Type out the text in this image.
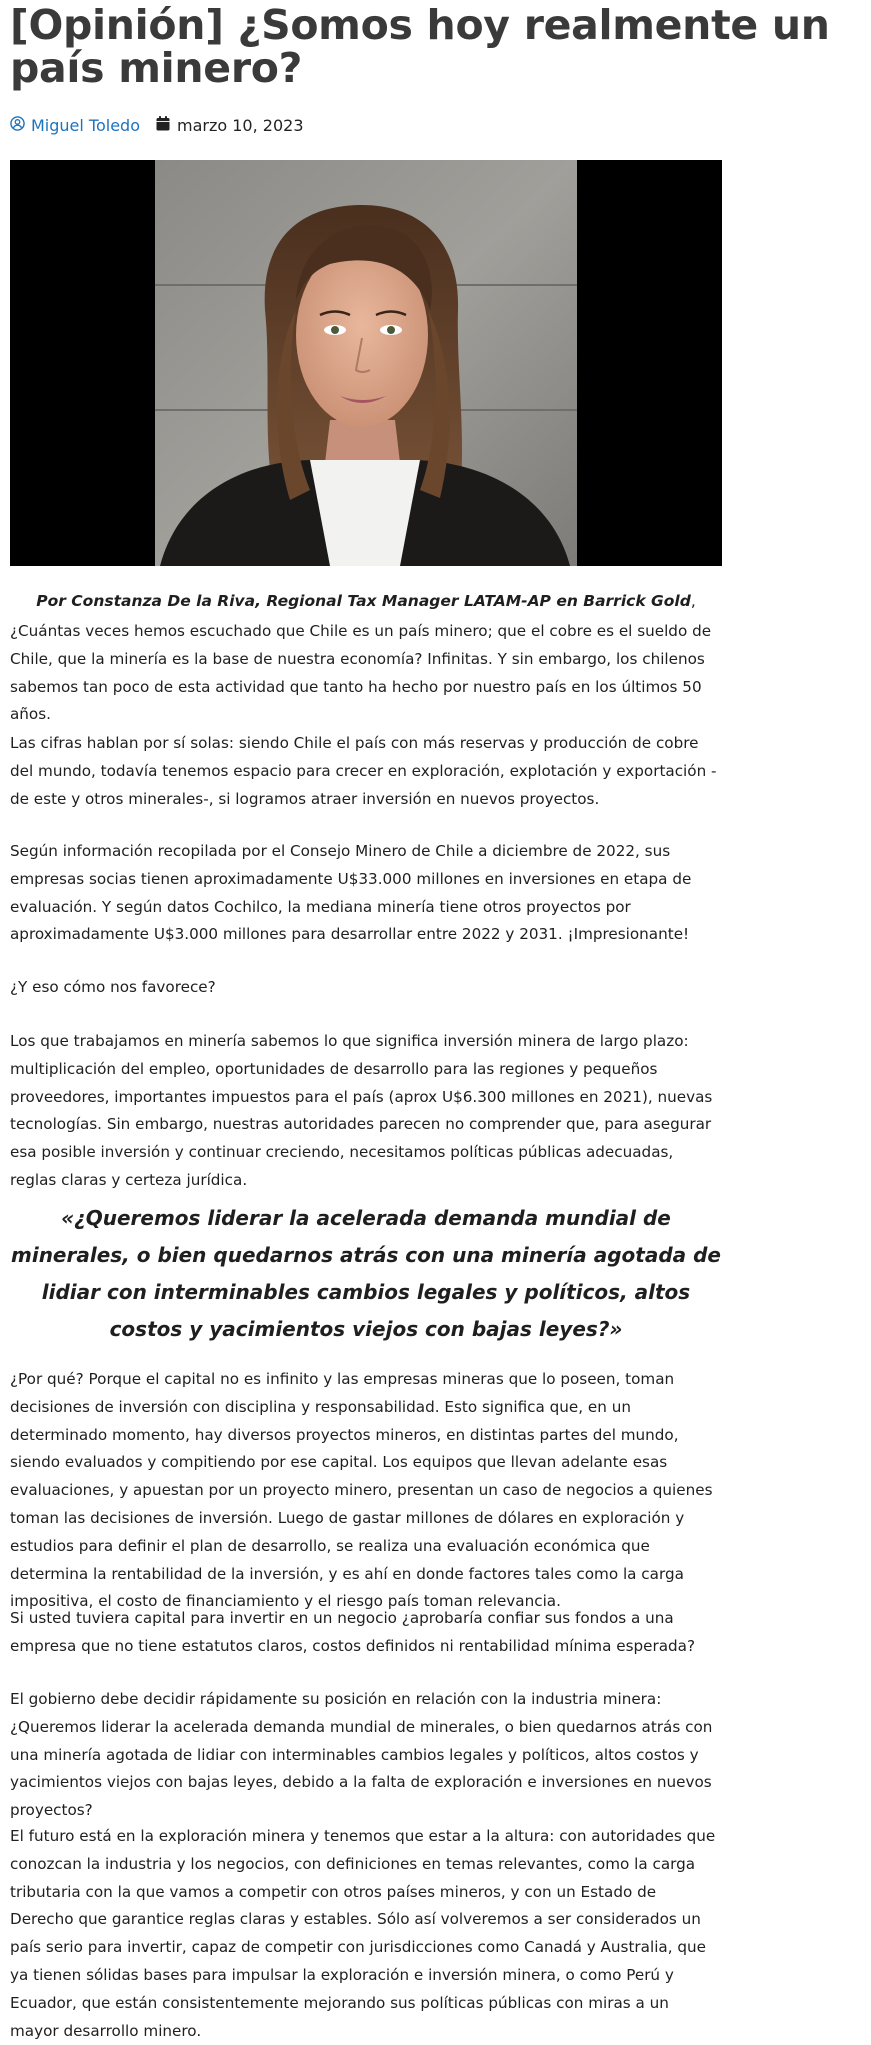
[Opinión] ¿Somos hoy realmente un país minero?
Miguel Toledo marzo 10, 2023
Por Constanza De la Riva, Regional Tax Manager LATAM-AP en Barrick Gold,

¿Cuántas veces hemos escuchado que Chile es un país minero; que el cobre es el sueldo de Chile, que la minería es la base de nuestra economía? Infinitas. Y sin embargo, los chilenos sabemos tan poco de esta actividad que tanto ha hecho por nuestro país en los últimos 50 años.

Las cifras hablan por sí solas: siendo Chile el país con más reservas y producción de cobre del mundo, todavía tenemos espacio para crecer en exploración, explotación y exportación -de este y otros minerales-, si logramos atraer inversión en nuevos proyectos.

Según información recopilada por el Consejo Minero de Chile a diciembre de 2022, sus empresas socias tienen aproximadamente U$33.000 millones en inversiones en etapa de evaluación. Y según datos Cochilco, la mediana minería tiene otros proyectos por aproximadamente U$3.000 millones para desarrollar entre 2022 y 2031. ¡Impresionante!

¿Y eso cómo nos favorece?

Los que trabajamos en minería sabemos lo que significa inversión minera de largo plazo: multiplicación del empleo, oportunidades de desarrollo para las regiones y pequeños proveedores, importantes impuestos para el país (aprox U$6.300 millones en 2021), nuevas tecnologías. Sin embargo, nuestras autoridades parecen no comprender que, para asegurar esa posible inversión y continuar creciendo, necesitamos políticas públicas adecuadas, reglas claras y certeza jurídica.

«¿Queremos liderar la acelerada demanda mundial de minerales, o bien quedarnos atrás con una minería agotada de lidiar con interminables cambios legales y políticos, altos costos y yacimientos viejos con bajas leyes?»

¿Por qué? Porque el capital no es infinito y las empresas mineras que lo poseen, toman decisiones de inversión con disciplina y responsabilidad. Esto significa que, en un determinado momento, hay diversos proyectos mineros, en distintas partes del mundo, siendo evaluados y compitiendo por ese capital. Los equipos que llevan adelante esas evaluaciones, y apuestan por un proyecto minero, presentan un caso de negocios a quienes toman las decisiones de inversión. Luego de gastar millones de dólares en exploración y estudios para definir el plan de desarrollo, se realiza una evaluación económica que determina la rentabilidad de la inversión, y es ahí en donde factores tales como la carga impositiva, el costo de financiamiento y el riesgo país toman relevancia.

Si usted tuviera capital para invertir en un negocio ¿aprobaría confiar sus fondos a una empresa que no tiene estatutos claros, costos definidos ni rentabilidad mínima esperada?

El gobierno debe decidir rápidamente su posición en relación con la industria minera: ¿Queremos liderar la acelerada demanda mundial de minerales, o bien quedarnos atrás con una minería agotada de lidiar con interminables cambios legales y políticos, altos costos y yacimientos viejos con bajas leyes, debido a la falta de exploración e inversiones en nuevos proyectos?

El futuro está en la exploración minera y tenemos que estar a la altura: con autoridades que conozcan la industria y los negocios, con definiciones en temas relevantes, como la carga tributaria con la que vamos a competir con otros países mineros, y con un Estado de Derecho que garantice reglas claras y estables. Sólo así volveremos a ser considerados un país serio para invertir, capaz de competir con jurisdicciones como Canadá y Australia, que ya tienen sólidas bases para impulsar la exploración e inversión minera, o como Perú y Ecuador, que están consistentemente mejorando sus políticas públicas con miras a un mayor desarrollo minero.
